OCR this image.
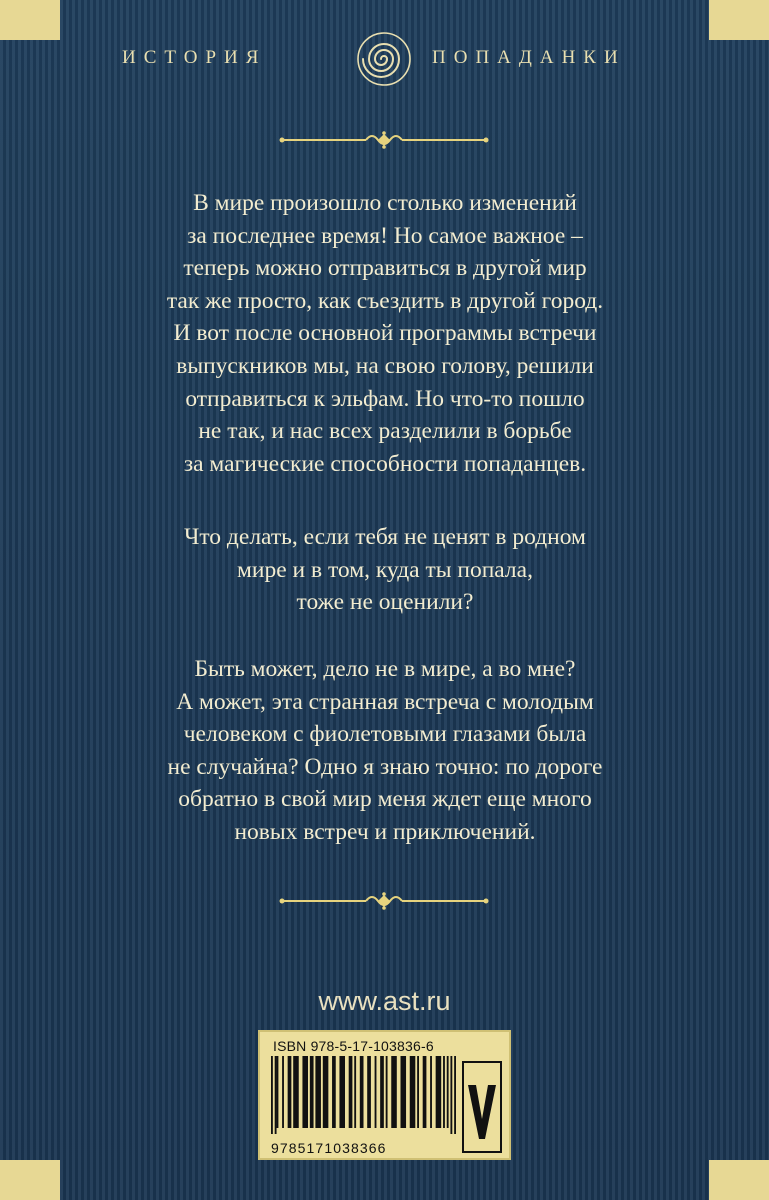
ИСТОРИЯ	ПОПАДАНКИ

В мире произошло столько изменений
за последнее время! Но самое важное –
теперь можно отправиться в другой мир
так же просто, как съездить в другой город.
И вот после основной программы встречи
выпускников мы, на свою голову, решили
отправиться к эльфам. Но что-то пошло
не так, и нас всех разделили в борьбе
за магические способности попаданцев.

Что делать, если тебя не ценят в родном
мире и в том, куда ты попала,
тоже не оценили?

Быть может, дело не в мире, а во мне?
А может, эта странная встреча с молодым
человеком с фиолетовыми глазами была
не случайна? Одно я знаю точно: по дороге
обратно в свой мир меня ждет еще много
новых встреч и приключений.

www.ast.ru
ISBN 978-5-17-103836-6
9785171038366
